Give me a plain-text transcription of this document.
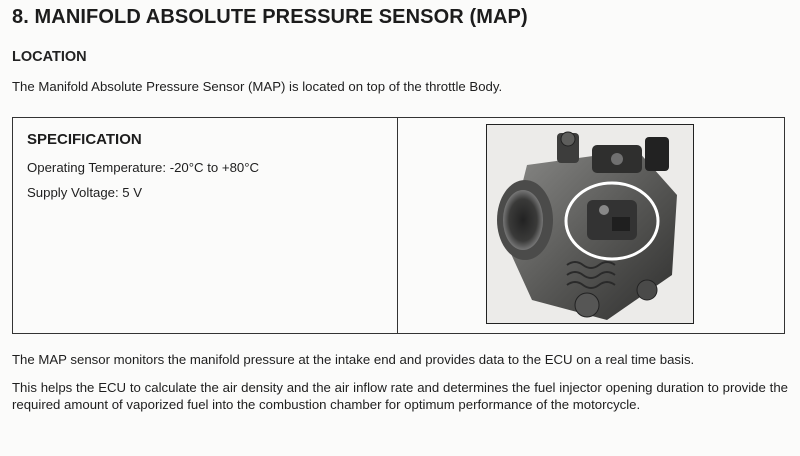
8. MANIFOLD ABSOLUTE PRESSURE SENSOR (MAP)
LOCATION
The Manifold Absolute Pressure Sensor (MAP) is located on top of the throttle Body.
SPECIFICATION
Operating Temperature: -20°C to +80°C
Supply Voltage: 5 V
The MAP sensor monitors the manifold pressure at the intake end and provides data to the ECU on a real time basis.
This helps the ECU to calculate the air density and the air inflow rate and determines the fuel injector opening duration to provide the required amount of vaporized fuel into the combustion chamber for optimum performance of the motorcycle.
